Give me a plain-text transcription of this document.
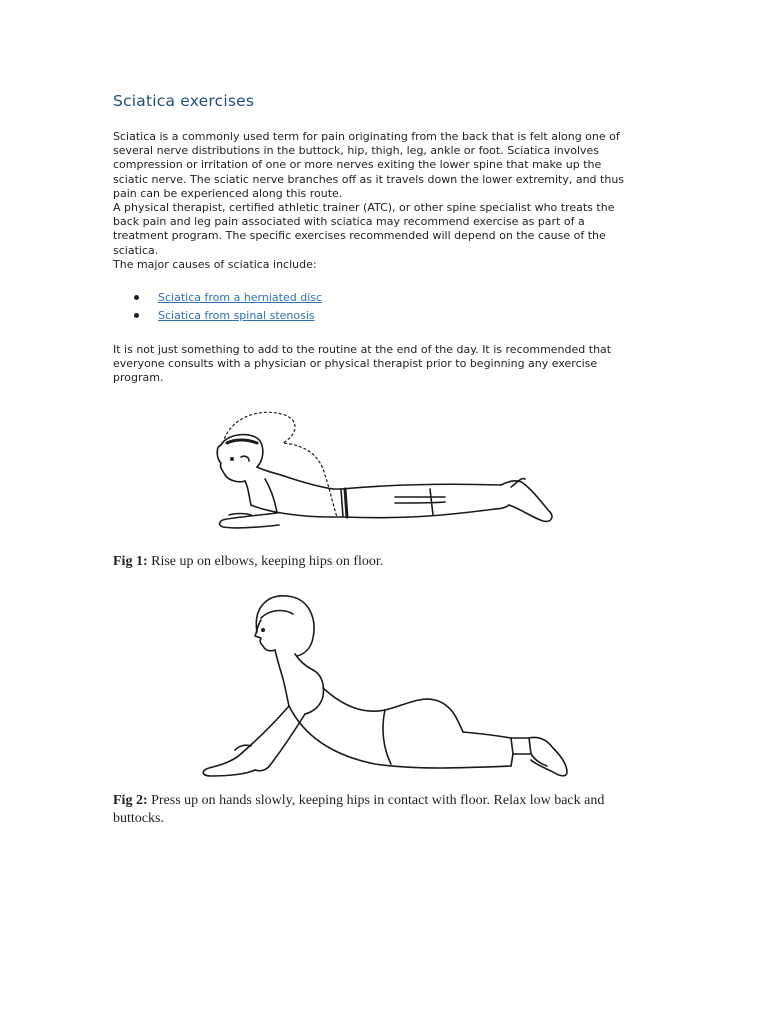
Sciatica exercises

Sciatica is a commonly used term for pain originating from the back that is felt along one of

several nerve distributions in the buttock, hip, thigh, leg, ankle or foot. Sciatica involves

compression or irritation of one or more nerves exiting the lower spine that make up the

sciatic nerve. The sciatic nerve branches off as it travels down the lower extremity, and thus

pain can be experienced along this route.

A physical therapist, certified athletic trainer (ATC), or other spine specialist who treats the

back pain and leg pain associated with sciatica may recommend exercise as part of a

treatment program. The specific exercises recommended will depend on the cause of the

sciatica.

The major causes of sciatica include:

Sciatica from a herniated disc
Sciatica from spinal stenosis

It is not just something to add to the routine at the end of the day. It is recommended that

everyone consults with a physician or physical therapist prior to beginning any exercise

program.

Fig 1: Rise up on elbows, keeping hips on floor.

Fig 2: Press up on hands slowly, keeping hips in contact with floor. Relax low back and buttocks.
